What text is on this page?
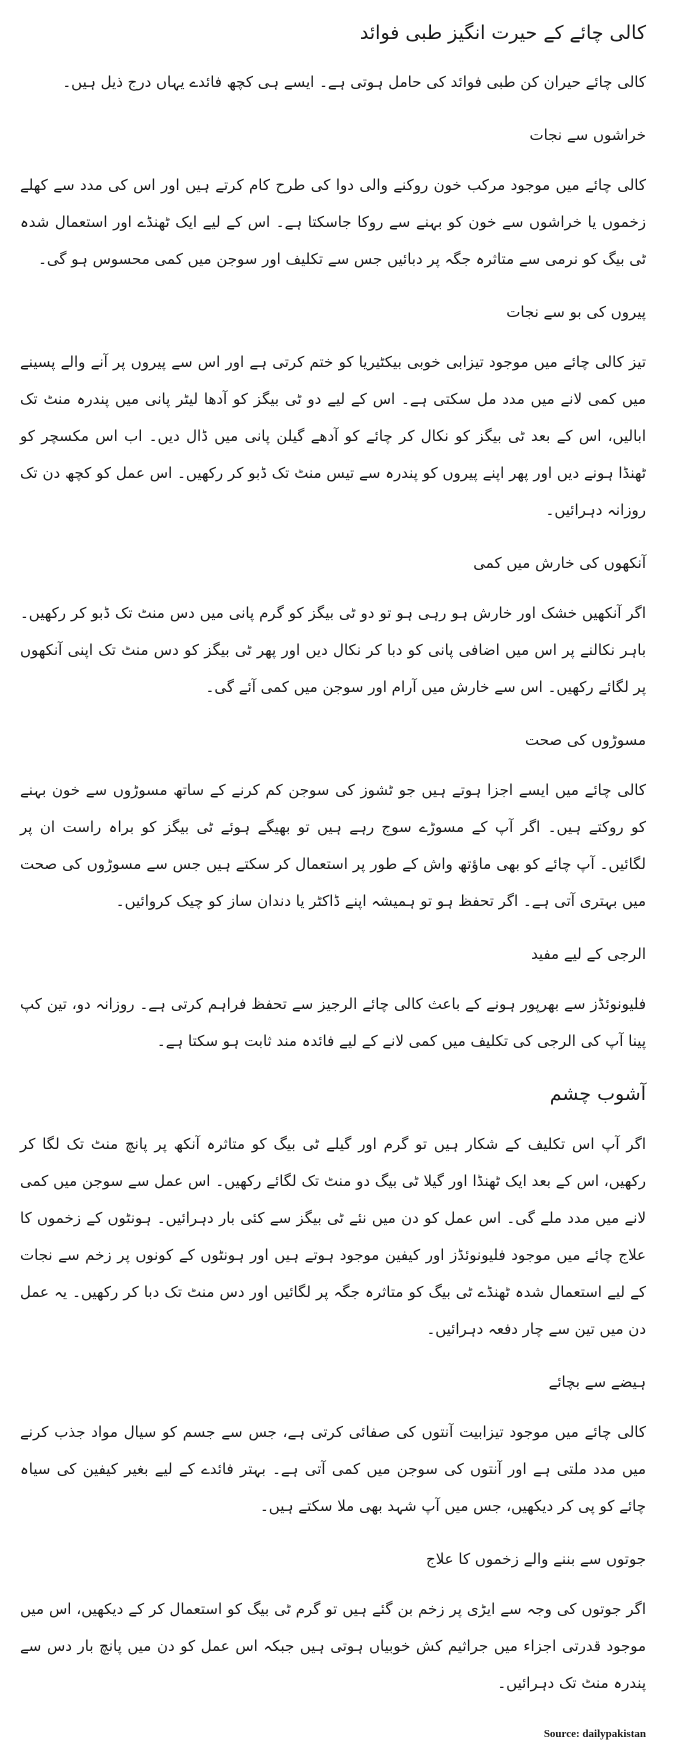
کالی چائے کے حیرت انگیز طبی فوائد

کالی چائے حیران کن طبی فوائد کی حامل ہوتی ہے۔ ایسے ہی کچھ فائدے یہاں درج ذیل ہیں۔

خراشوں سے نجات

کالی چائے میں موجود مرکب خون روکنے والی دوا کی طرح کام کرتے ہیں اور اس کی مدد سے کھلے زخموں یا خراشوں سے خون کو بہنے سے روکا جاسکتا ہے۔ اس کے لیے ایک ٹھنڈے اور استعمال شدہ ٹی بیگ کو نرمی سے متاثرہ جگہ پر دبائیں جس سے تکلیف اور سوجن میں کمی محسوس ہو گی۔

پیروں کی بو سے نجات

تیز کالی چائے میں موجود تیزابی خوبی بیکٹیریا کو ختم کرتی ہے اور اس سے پیروں پر آنے والے پسینے میں کمی لانے میں مدد مل سکتی ہے۔ اس کے لیے دو ٹی بیگز کو آدھا لیٹر پانی میں پندرہ منٹ تک ابالیں، اس کے بعد ٹی بیگز کو نکال کر چائے کو آدھے گیلن پانی میں ڈال دیں۔ اب اس مکسچر کو ٹھنڈا ہونے دیں اور پھر اپنے پیروں کو پندرہ سے تیس منٹ تک ڈبو کر رکھیں۔ اس عمل کو کچھ دن تک روزانہ دہرائیں۔

آنکھوں کی خارش میں کمی

اگر آنکھیں خشک اور خارش ہو رہی ہو تو دو ٹی بیگز کو گرم پانی میں دس منٹ تک ڈبو کر رکھیں۔ باہر نکالنے پر اس میں اضافی پانی کو دبا کر نکال دیں اور پھر ٹی بیگز کو دس منٹ تک اپنی آنکھوں پر لگائے رکھیں۔ اس سے خارش میں آرام اور سوجن میں کمی آئے گی۔

مسوڑوں کی صحت

کالی چائے میں ایسے اجزا ہوتے ہیں جو ٹشوز کی سوجن کم کرنے کے ساتھ مسوڑوں سے خون بہنے کو روکتے ہیں۔ اگر آپ کے مسوڑے سوج رہے ہیں تو بھیگے ہوئے ٹی بیگز کو براہ راست ان پر لگائیں۔ آپ چائے کو بھی ماؤتھ واش کے طور پر استعمال کر سکتے ہیں جس سے مسوڑوں کی صحت میں بہتری آتی ہے۔ اگر تحفظ ہو تو ہمیشہ اپنے ڈاکٹر یا دندان ساز کو چیک کروائیں۔

الرجی کے لیے مفید

فلیونوئڈز سے بھرپور ہونے کے باعث کالی چائے الرجیز سے تحفظ فراہم کرتی ہے۔ روزانہ دو، تین کپ پینا آپ کی الرجی کی تکلیف میں کمی لانے کے لیے فائدہ مند ثابت ہو سکتا ہے۔

آشوب چشم

اگر آپ اس تکلیف کے شکار ہیں تو گرم اور گیلے ٹی بیگ کو متاثرہ آنکھ پر پانچ منٹ تک لگا کر رکھیں، اس کے بعد ایک ٹھنڈا اور گیلا ٹی بیگ دو منٹ تک لگائے رکھیں۔ اس عمل سے سوجن میں کمی لانے میں مدد ملے گی۔ اس عمل کو دن میں نئے ٹی بیگز سے کئی بار دہرائیں۔ ہونٹوں کے زخموں کا علاج چائے میں موجود فلیونوئڈز اور کیفین موجود ہوتے ہیں اور ہونٹوں کے کونوں پر زخم سے نجات کے لیے استعمال شدہ ٹھنڈے ٹی بیگ کو متاثرہ جگہ پر لگائیں اور دس منٹ تک دبا کر رکھیں۔ یہ عمل دن میں تین سے چار دفعہ دہرائیں۔

ہیضے سے بچائے

کالی چائے میں موجود تیزابیت آنتوں کی صفائی کرتی ہے، جس سے جسم کو سیال مواد جذب کرنے میں مدد ملتی ہے اور آنتوں کی سوجن میں کمی آتی ہے۔ بہتر فائدے کے لیے بغیر کیفین کی سیاہ چائے کو پی کر دیکھیں، جس میں آپ شہد بھی ملا سکتے ہیں۔

جوتوں سے بننے والے زخموں کا علاج

اگر جوتوں کی وجہ سے ایڑی پر زخم بن گئے ہیں تو گرم ٹی بیگ کو استعمال کر کے دیکھیں، اس میں موجود قدرتی اجزاء میں جراثیم کش خوبیاں ہوتی ہیں جبکہ اس عمل کو دن میں پانچ بار دس سے پندرہ منٹ تک دہرائیں۔

Source: dailypakistan
